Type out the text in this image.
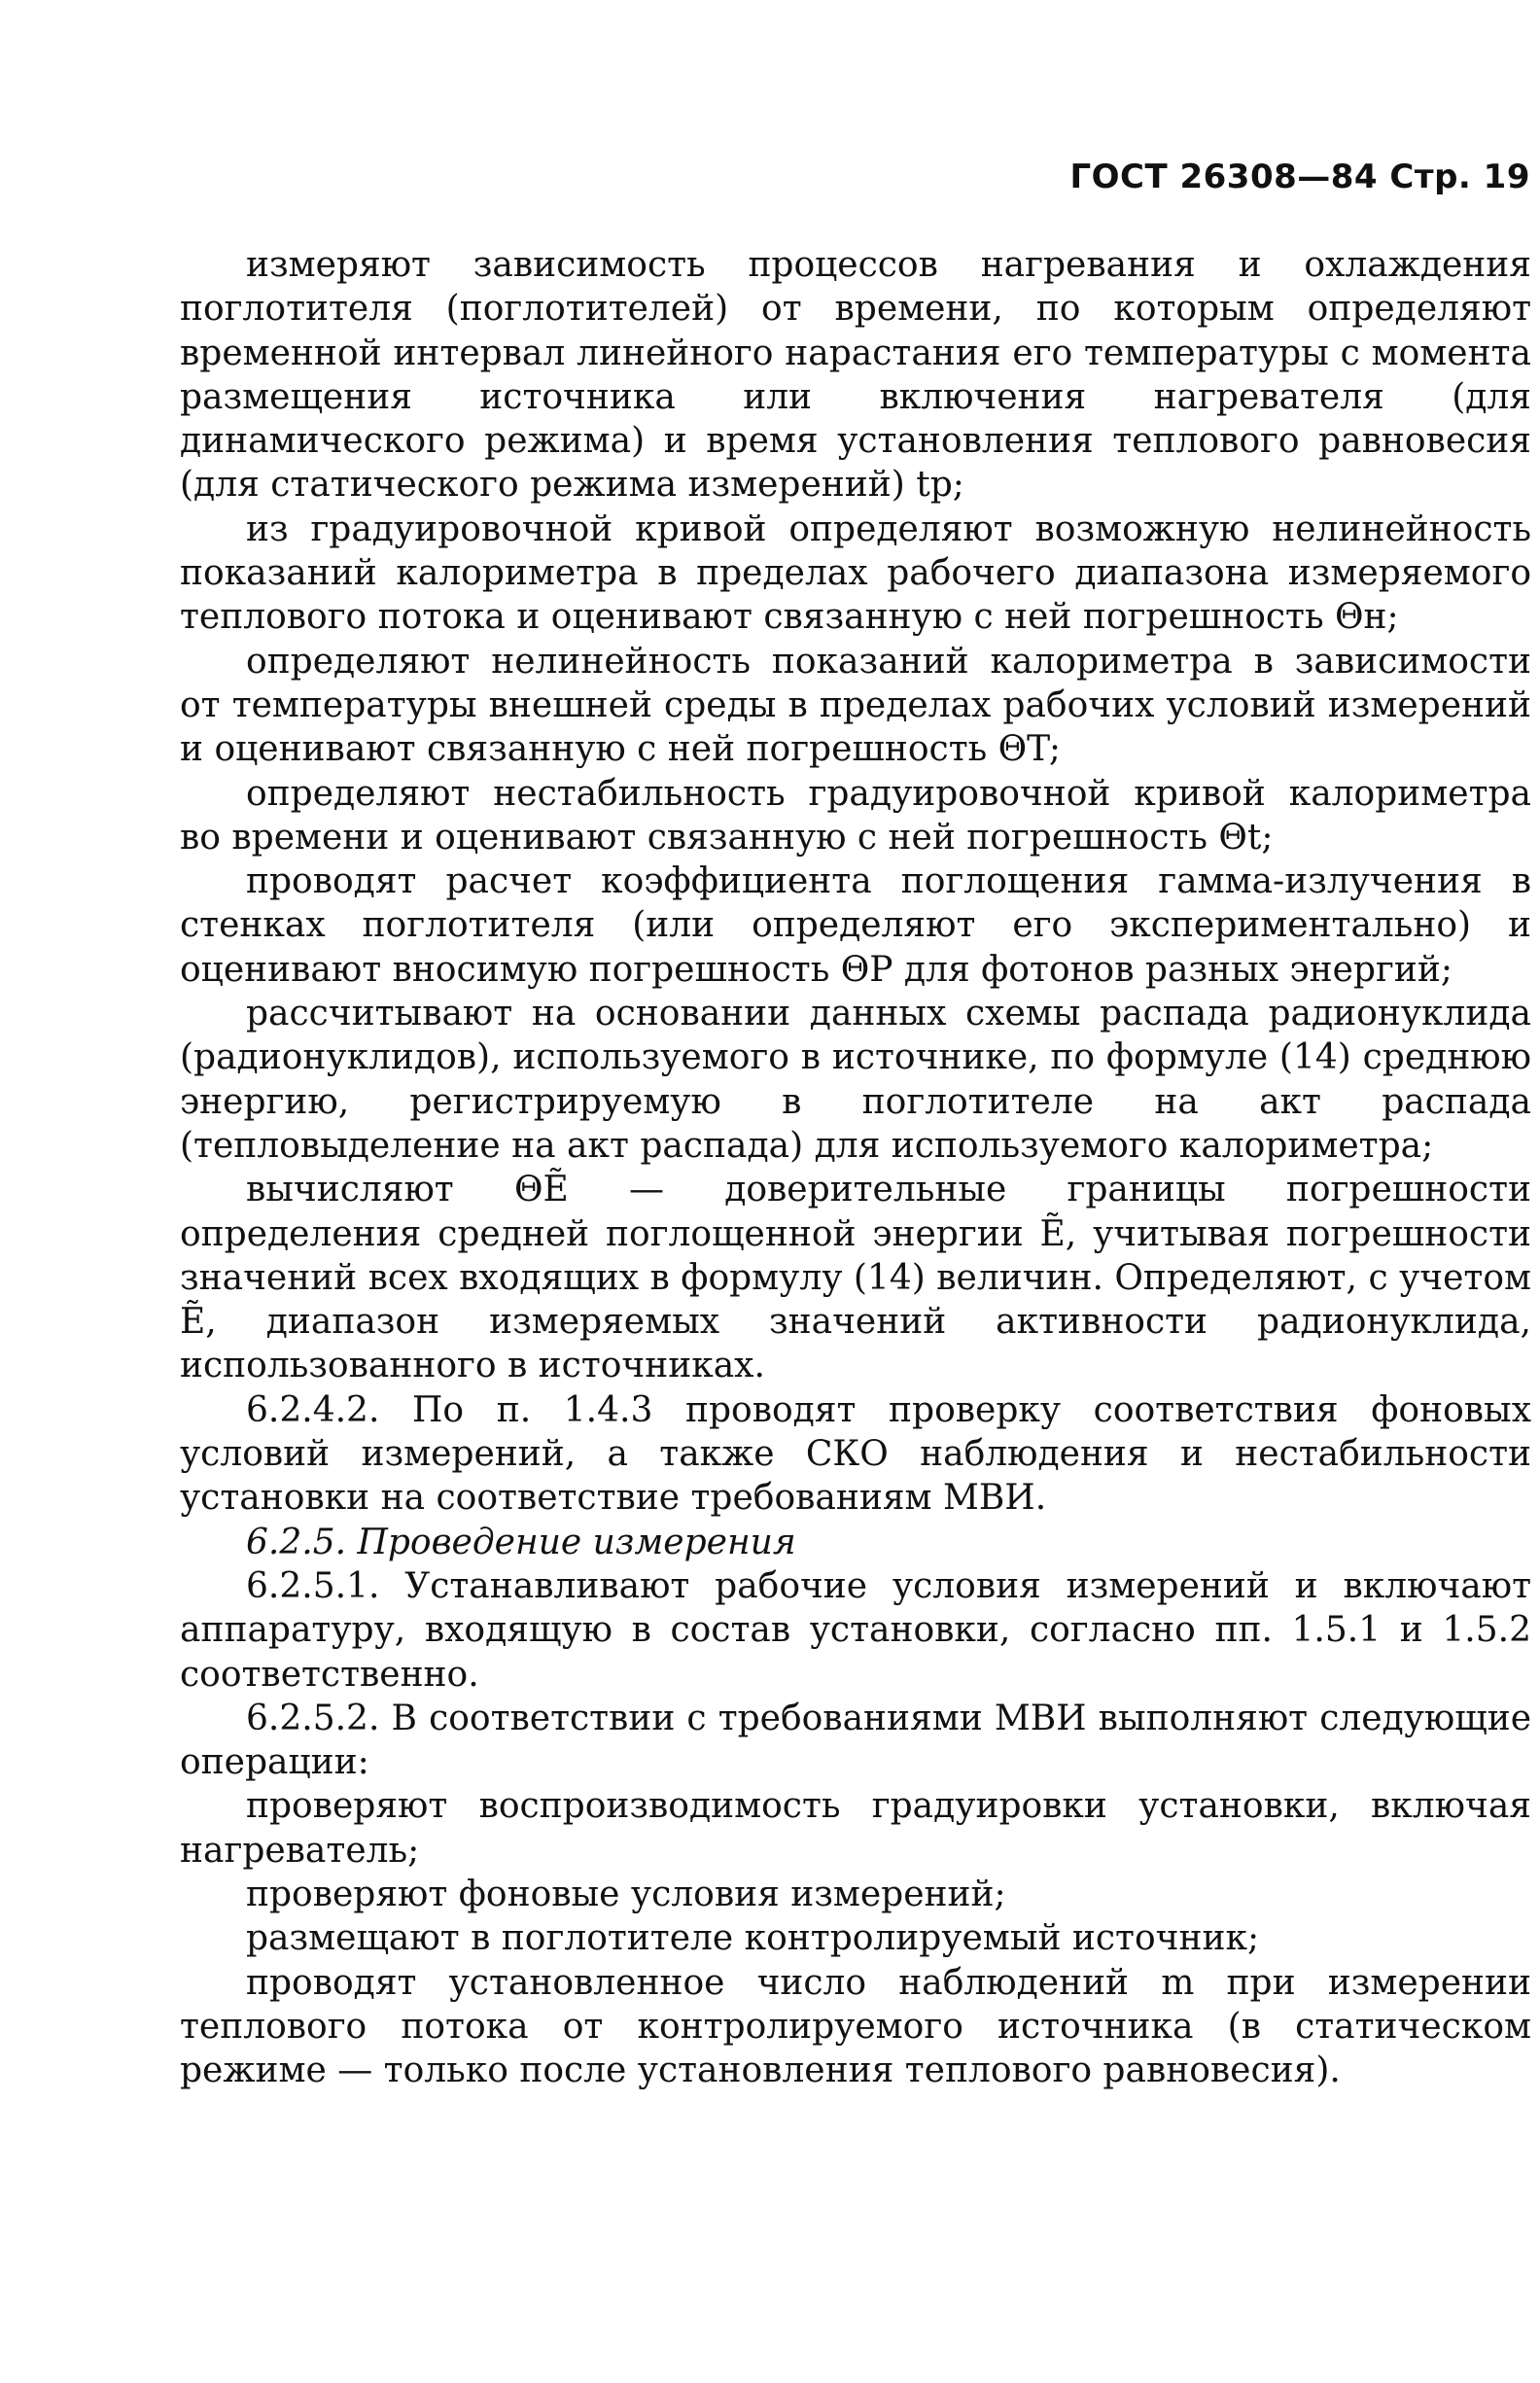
ГОСТ 26308—84 Стр. 19

измеряют зависимость процессов нагревания и охлаждения поглотителя (поглотителей) от времени, по которым определяют временной интервал линейного нарастания его температуры с момента размещения источника или включения нагревателя (для динамического режима) и время установления теплового равновесия (для статического режима измерений) tр;

из градуировочной кривой определяют возможную нелинейность показаний калориметра в пределах рабочего диапазона измеряемого теплового потока и оценивают связанную с ней погрешность Θн;

определяют нелинейность показаний калориметра в зависимости от температуры внешней среды в пределах рабочих условий измерений и оценивают связанную с ней погрешность ΘT;

определяют нестабильность градуировочной кривой калориметра во времени и оценивают связанную с ней погрешность Θt;

проводят расчет коэффициента поглощения гамма-излучения в стенках поглотителя (или определяют его экспериментально) и оценивают вносимую погрешность ΘP для фотонов разных энергий;

рассчитывают на основании данных схемы распада радионуклида (радионуклидов), используемого в источнике, по формуле (14) среднюю энергию, регистрируемую в поглотителе на акт распада (тепловыделение на акт распада) для используемого калориметра;

вычисляют ΘẼ — доверительные границы погрешности определения средней поглощенной энергии Ẽ, учитывая погрешности значений всех входящих в формулу (14) величин. Определяют, с учетом Ẽ, диапазон измеряемых значений активности радионуклида, использованного в источниках.

6.2.4.2. По п. 1.4.3 проводят проверку соответствия фоновых условий измерений, а также СКО наблюдения и нестабильности установки на соответствие требованиям МВИ.

6.2.5. Проведение измерения

6.2.5.1. Устанавливают рабочие условия измерений и включают аппаратуру, входящую в состав установки, согласно пп. 1.5.1 и 1.5.2 соответственно.

6.2.5.2. В соответствии с требованиями МВИ выполняют следующие операции:

проверяют воспроизводимость градуировки установки, включая нагреватель;

проверяют фоновые условия измерений;

размещают в поглотителе контролируемый источник;

проводят установленное число наблюдений m при измерении теплового потока от контролируемого источника (в статическом режиме — только после установления теплового равновесия).
